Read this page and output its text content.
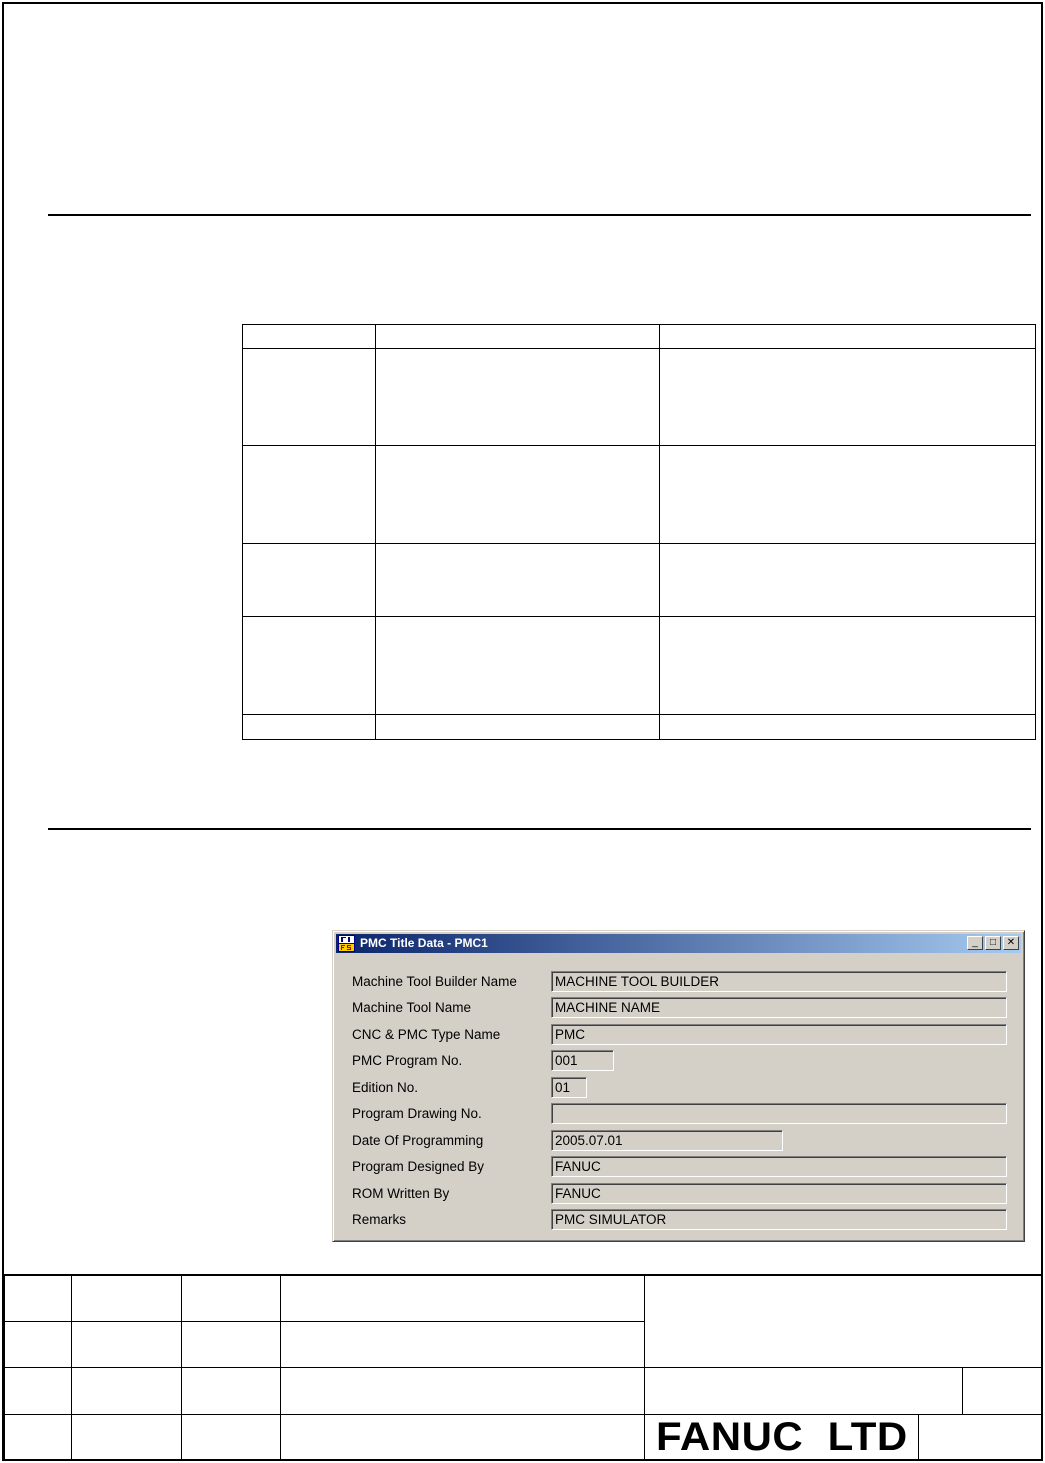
PMC Title Data - PMC1	_	□	✕
Machine Tool Builder Name	MACHINE TOOL BUILDER
Machine Tool Name	MACHINE NAME
CNC & PMC Type Name	PMC
PMC Program No.	001
Edition No.	01
Program Drawing No.
Date Of Programming	2005.07.01
Program Designed By	FANUC
ROM Written By	FANUC
Remarks	PMC SIMULATOR

				FANUC  LTD		
